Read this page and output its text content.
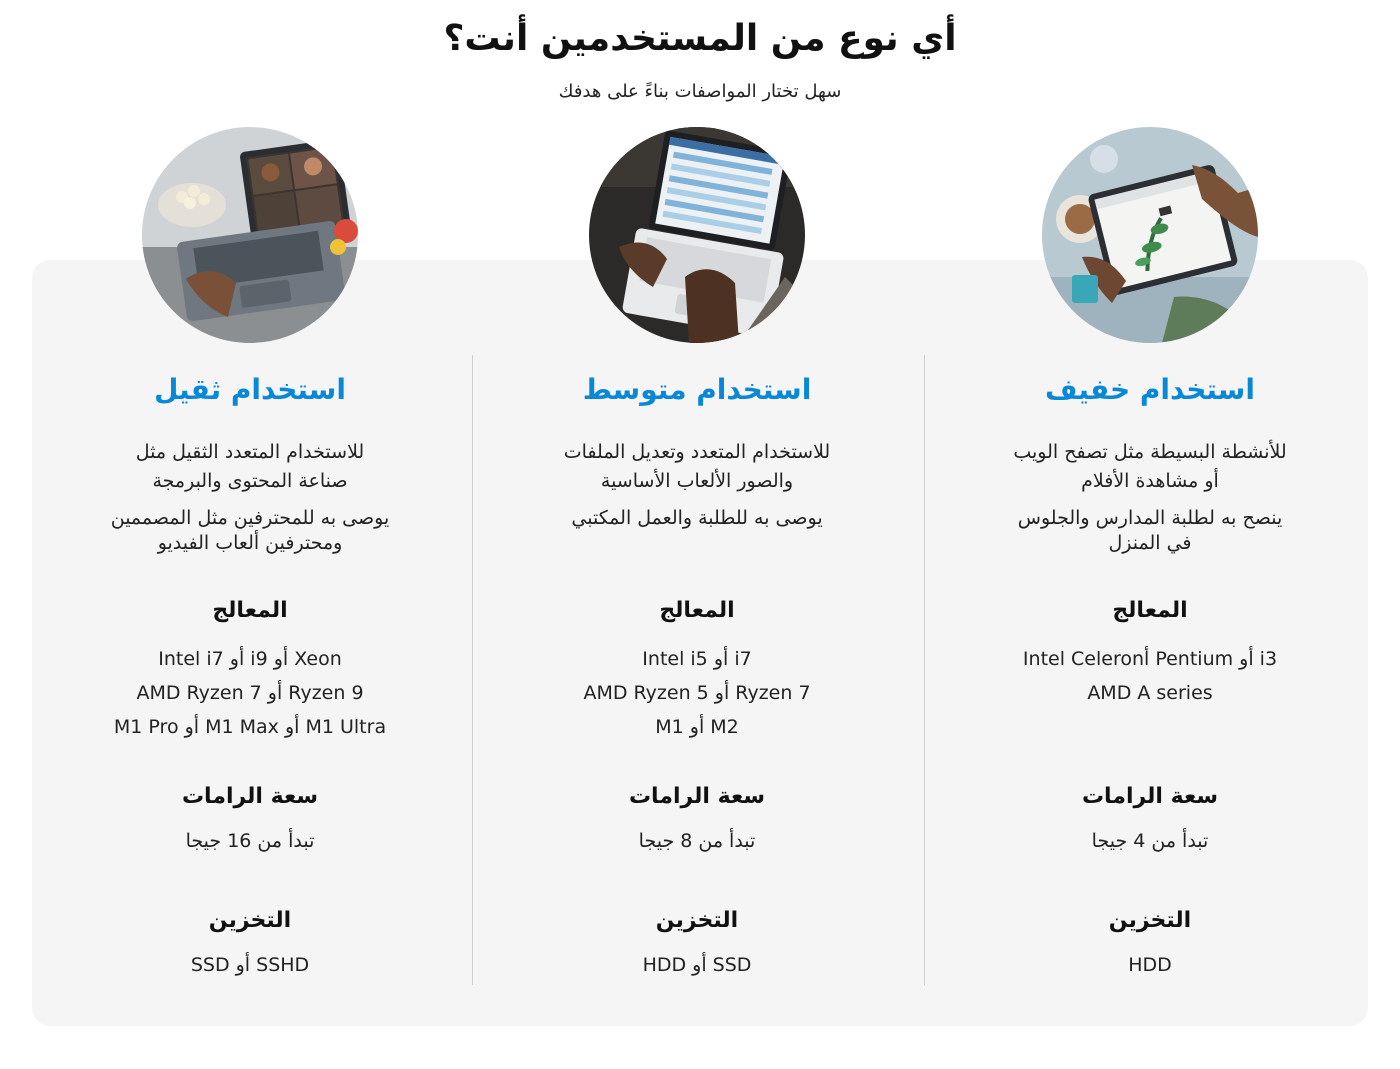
أي نوع من المستخدمين أنت؟

سهل تختار المواصفات بناءً على هدفك

استخدام خفيف

للأنشطة البسيطة مثل تصفح الويب
أو مشاهدة الأفلام

ينصح به لطلبة المدارس والجلوس
في المنزل

المعالج
Intel Celeronأ Pentium أو i3
AMD A series
سعة الرامات
تبدأ من 4 جيجا
التخزين
HDD
استخدام متوسط

للاستخدام المتعدد وتعديل الملفات
والصور الألعاب الأساسية

يوصى به للطلبة والعمل المكتبي

المعالج
Intel i5 أو i7
AMD Ryzen 5 أو Ryzen 7
M1 أو M2
سعة الرامات
تبدأ من 8 جيجا
التخزين
HDD أو SSD
استخدام ثقيل

للاستخدام المتعدد الثقيل مثل
صناعة المحتوى والبرمجة

يوصى به للمحترفين مثل المصممين
ومحترفين ألعاب الفيديو

المعالج
Intel i7 أو i9 أو Xeon
AMD Ryzen 7 أو Ryzen 9
M1 Pro أو M1 Max أو M1 Ultra
سعة الرامات
تبدأ من 16 جيجا
التخزين
SSD أو SSHD
